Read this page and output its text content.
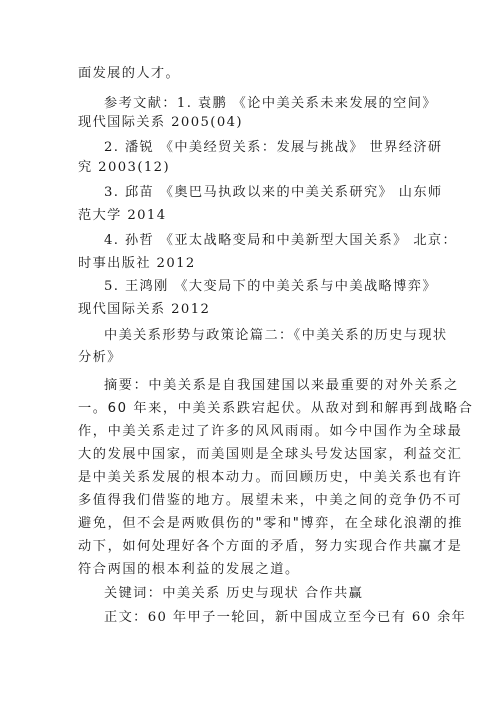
面发展的人才。
参考文献：1. 袁鹏 《论中美关系未来发展的空间》
现代国际关系 2005(04)
2. 潘锐 《中美经贸关系：发展与挑战》 世界经济研
究 2003(12)
3. 邱苗 《奥巴马执政以来的中美关系研究》 山东师
范大学 2014
4. 孙哲 《亚太战略变局和中美新型大国关系》 北京：
时事出版社 2012
5. 王鸿刚 《大变局下的中美关系与中美战略博弈》
现代国际关系 2012
中美关系形势与政策论篇二：《中美关系的历史与现状
分析》
摘要：中美关系是自我国建国以来最重要的对外关系之
一。60 年来，中美关系跌宕起伏。从敌对到和解再到战略合
作，中美关系走过了许多的风风雨雨。如今中国作为全球最
大的发展中国家，而美国则是全球头号发达国家，利益交汇
是中美关系发展的根本动力。而回顾历史，中美关系也有许
多值得我们借鉴的地方。展望未来，中美之间的竞争仍不可
避免，但不会是两败俱伤的"零和"博弈，在全球化浪潮的推
动下，如何处理好各个方面的矛盾，努力实现合作共赢才是
符合两国的根本利益的发展之道。
关键词：中美关系 历史与现状 合作共赢
正文：60 年甲子一轮回，新中国成立至今已有 60 余年
